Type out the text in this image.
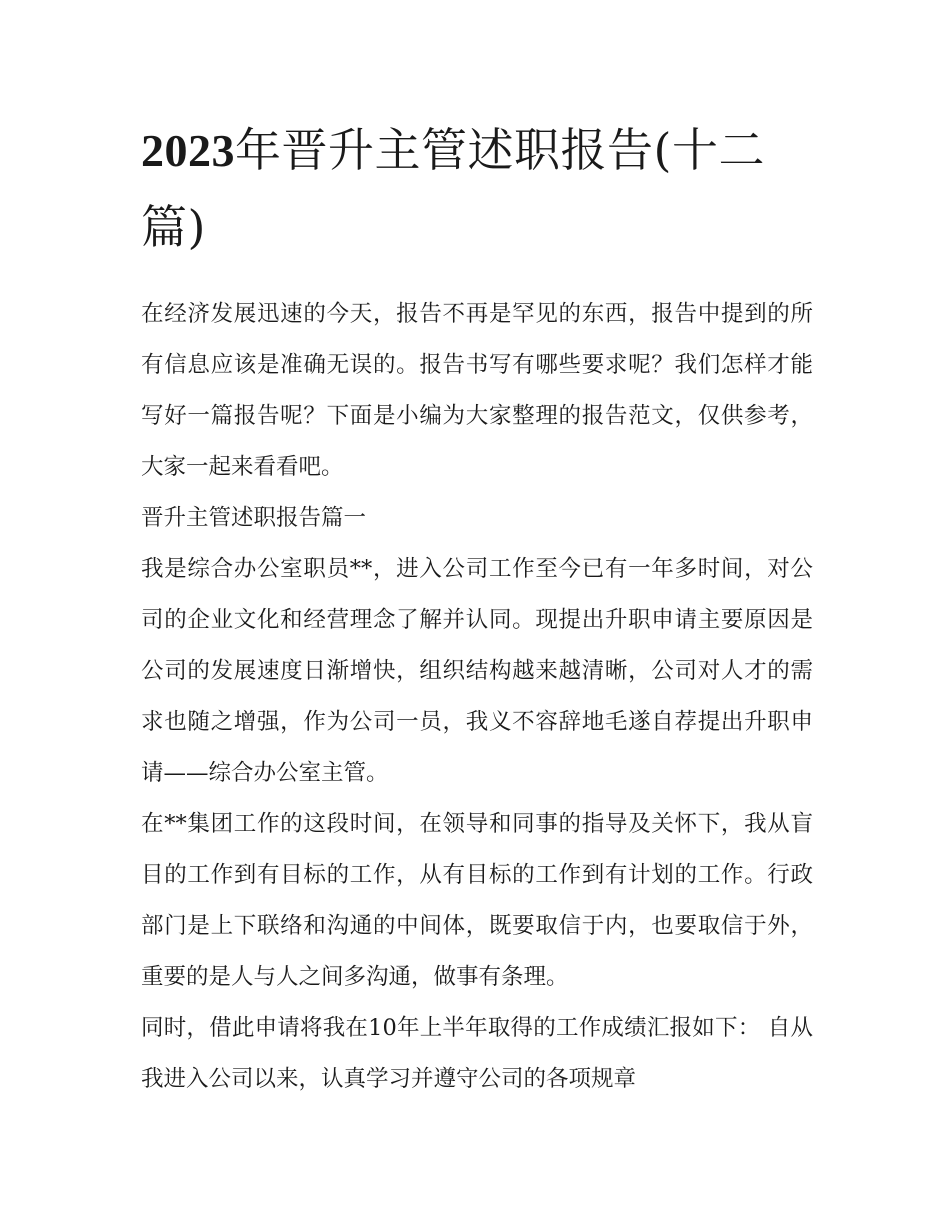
2023年晋升主管述职报告(十二篇)

在经济发展迅速的今天，报告不再是罕见的东西，报告中提到的所有信息应该是准确无误的。报告书写有哪些要求呢？我们怎样才能写好一篇报告呢？下面是小编为大家整理的报告范文，仅供参考，大家一起来看看吧。

晋升主管述职报告篇一

我是综合办公室职员**，进入公司工作至今已有一年多时间，对公司的企业文化和经营理念了解并认同。现提出升职申请主要原因是公司的发展速度日渐增快，组织结构越来越清晰，公司对人才的需求也随之增强，作为公司一员，我义不容辞地毛遂自荐提出升职申请——综合办公室主管。

在**集团工作的这段时间，在领导和同事的指导及关怀下，我从盲目的工作到有目标的工作，从有目标的工作到有计划的工作。行政部门是上下联络和沟通的中间体，既要取信于内，也要取信于外，重要的是人与人之间多沟通，做事有条理。

同时，借此申请将我在10年上半年取得的工作成绩汇报如下： 自从我进入公司以来，认真学习并遵守公司的各项规章
